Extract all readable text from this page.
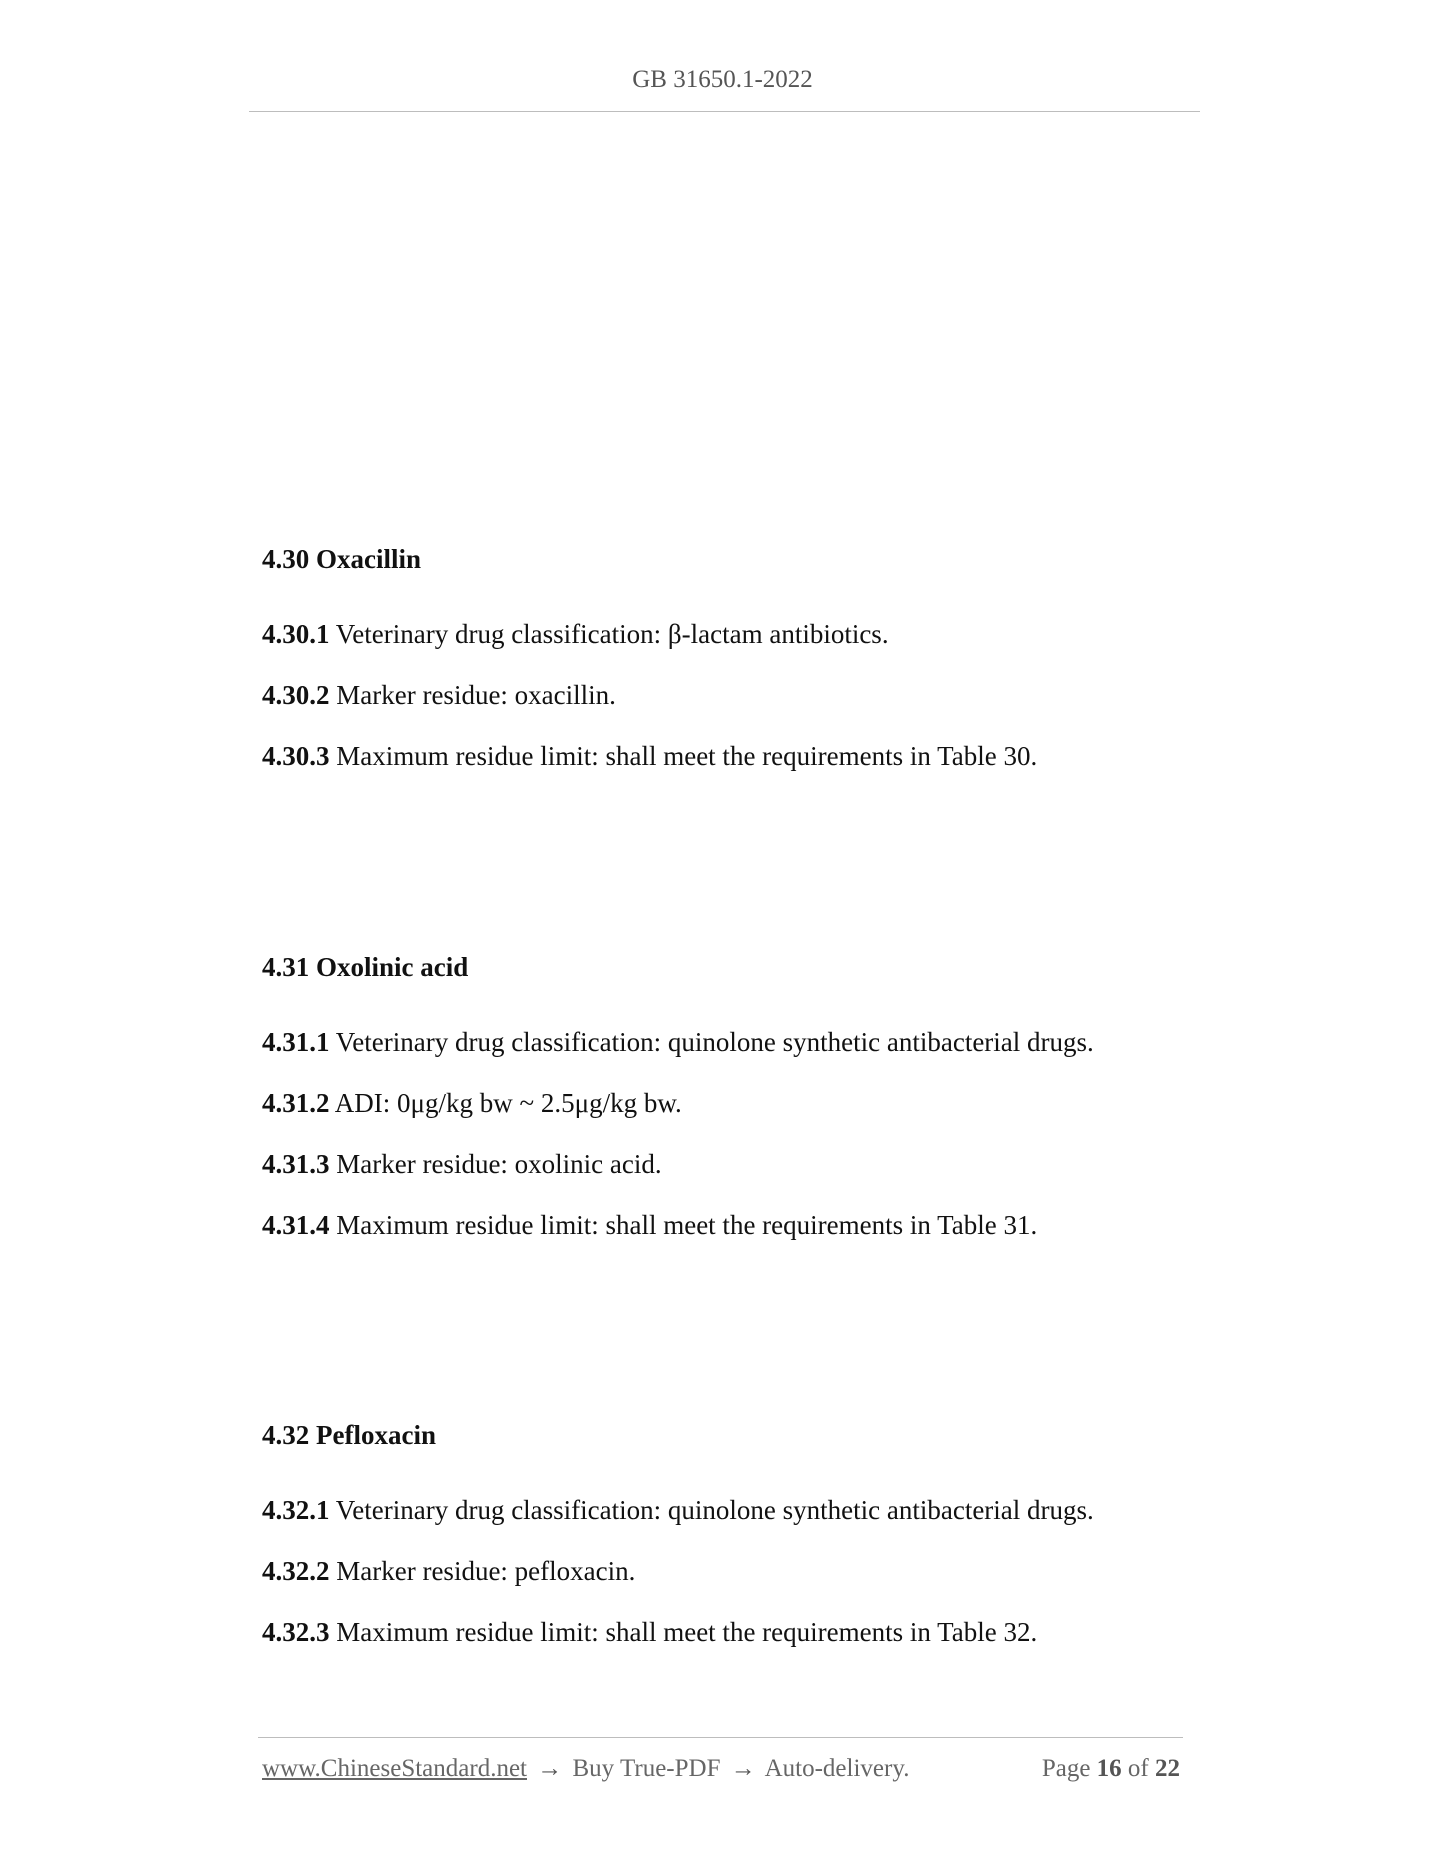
GB 31650.1-2022
4.30 Oxacillin
4.30.1 Veterinary drug classification: β-lactam antibiotics.
4.30.2 Marker residue: oxacillin.
4.30.3 Maximum residue limit: shall meet the requirements in Table 30.
4.31 Oxolinic acid
4.31.1 Veterinary drug classification: quinolone synthetic antibacterial drugs.
4.31.2 ADI: 0μg/kg bw ~ 2.5μg/kg bw.
4.31.3 Marker residue: oxolinic acid.
4.31.4 Maximum residue limit: shall meet the requirements in Table 31.
4.32 Pefloxacin
4.32.1 Veterinary drug classification: quinolone synthetic antibacterial drugs.
4.32.2 Marker residue: pefloxacin.
4.32.3 Maximum residue limit: shall meet the requirements in Table 32.
www.ChineseStandard.net → Buy True-PDF → Auto-delivery.	Page 16 of 22
